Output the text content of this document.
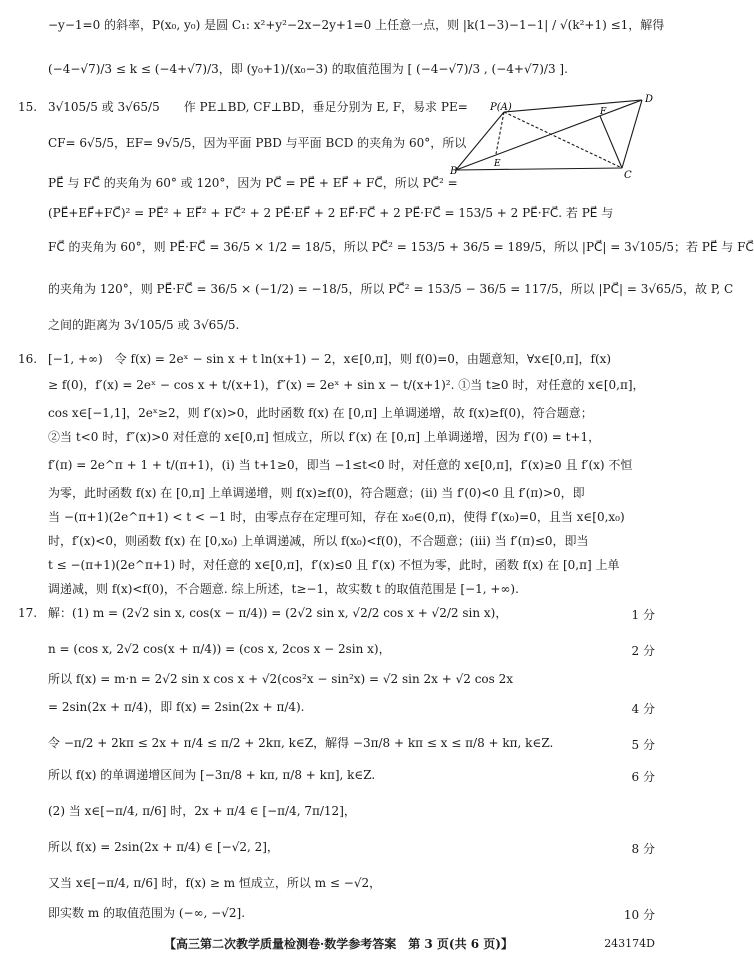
−y−1=0 的斜率，P(x₀, y₀) 是圆 C₁: x²+y²−2x−2y+1=0 上任意一点，则 |k(1−3)−1−1| / √(k²+1) ≤1，解得
(−4−√7)/3 ≤ k ≤ (−4+√7)/3，即 (y₀+1)/(x₀−3) 的取值范围为 [ (−4−√7)/3 , (−4+√7)/3 ].
15. 3√105/5 或 3√65/5　　作 PE⊥BD, CF⊥BD，垂足分别为 E, F，易求 PE=
CF= 6√5/5，EF= 9√5/5，因为平面 PBD 与平面 BCD 的夹角为 60°，所以
PE⃗ 与 FC⃗ 的夹角为 60° 或 120°，因为 PC⃗ = PE⃗ + EF⃗ + FC⃗，所以 PC⃗² =
(PE⃗+EF⃗+FC⃗)² = PE⃗² + EF⃗² + FC⃗² + 2 PE⃗·EF⃗ + 2 EF⃗·FC⃗ + 2 PE⃗·FC⃗ = 153/5 + 2 PE⃗·FC⃗. 若 PE⃗ 与
FC⃗ 的夹角为 60°，则 PE⃗·FC⃗ = 36/5 × 1/2 = 18/5，所以 PC⃗² = 153/5 + 36/5 = 189/5，所以 |PC⃗| = 3√105/5；若 PE⃗ 与 FC⃗
的夹角为 120°，则 PE⃗·FC⃗ = 36/5 × (−1/2) = −18/5，所以 PC⃗² = 153/5 − 36/5 = 117/5，所以 |PC⃗| = 3√65/5，故 P, C
之间的距离为 3√105/5 或 3√65/5.
P(A)
D
B	C
E
F
16. [−1, +∞)　令 f(x) = 2eˣ − sin x + t ln(x+1) − 2，x∈[0,π]，则 f(0)=0，由题意知，∀x∈[0,π]，f(x)
≥ f(0)，f′(x) = 2eˣ − cos x + t/(x+1)，f″(x) = 2eˣ + sin x − t/(x+1)². ①当 t≥0 时，对任意的 x∈[0,π]，
cos x∈[−1,1]，2eˣ≥2，则 f′(x)>0，此时函数 f(x) 在 [0,π] 上单调递增，故 f(x)≥f(0)，符合题意；
②当 t<0 时，f″(x)>0 对任意的 x∈[0,π] 恒成立，所以 f′(x) 在 [0,π] 上单调递增，因为 f′(0) = t+1，
f′(π) = 2e^π + 1 + t/(π+1)，(ⅰ) 当 t+1≥0，即当 −1≤t<0 时，对任意的 x∈[0,π]，f′(x)≥0 且 f′(x) 不恒
为零，此时函数 f(x) 在 [0,π] 上单调递增，则 f(x)≥f(0)，符合题意；(ⅱ) 当 f′(0)<0 且 f′(π)>0，即
当 −(π+1)(2e^π+1) < t < −1 时，由零点存在定理可知，存在 x₀∈(0,π)，使得 f′(x₀)=0，且当 x∈[0,x₀)
时，f′(x)<0，则函数 f(x) 在 [0,x₀) 上单调递减，所以 f(x₀)<f(0)，不合题意；(ⅲ) 当 f′(π)≤0，即当
t ≤ −(π+1)(2e^π+1) 时，对任意的 x∈[0,π]，f′(x)≤0 且 f′(x) 不恒为零，此时，函数 f(x) 在 [0,π] 上单
调递减，则 f(x)<f(0)，不合题意. 综上所述，t≥−1，故实数 t 的取值范围是 [−1, +∞).
17. 解：(1) m = (2√2 sin x, cos(x − π/4)) = (2√2 sin x, √2/2 cos x + √2/2 sin x)，	1 分
n = (cos x, 2√2 cos(x + π/4)) = (cos x, 2cos x − 2sin x)，	2 分
所以 f(x) = m·n = 2√2 sin x cos x + √2(cos²x − sin²x) = √2 sin 2x + √2 cos 2x
= 2sin(2x + π/4)，即 f(x) = 2sin(2x + π/4).	4 分
令 −π/2 + 2kπ ≤ 2x + π/4 ≤ π/2 + 2kπ, k∈Z，解得 −3π/8 + kπ ≤ x ≤ π/8 + kπ, k∈Z.	5 分
所以 f(x) 的单调递增区间为 [−3π/8 + kπ, π/8 + kπ], k∈Z.	6 分
(2) 当 x∈[−π/4, π/6] 时，2x + π/4 ∈ [−π/4, 7π/12]，
所以 f(x) = 2sin(2x + π/4) ∈ [−√2, 2]，	8 分
又当 x∈[−π/4, π/6] 时，f(x) ≥ m 恒成立，所以 m ≤ −√2，
即实数 m 的取值范围为 (−∞, −√2].	10 分
【高三第二次教学质量检测卷·数学参考答案　第 3 页(共 6 页)】	243174D
